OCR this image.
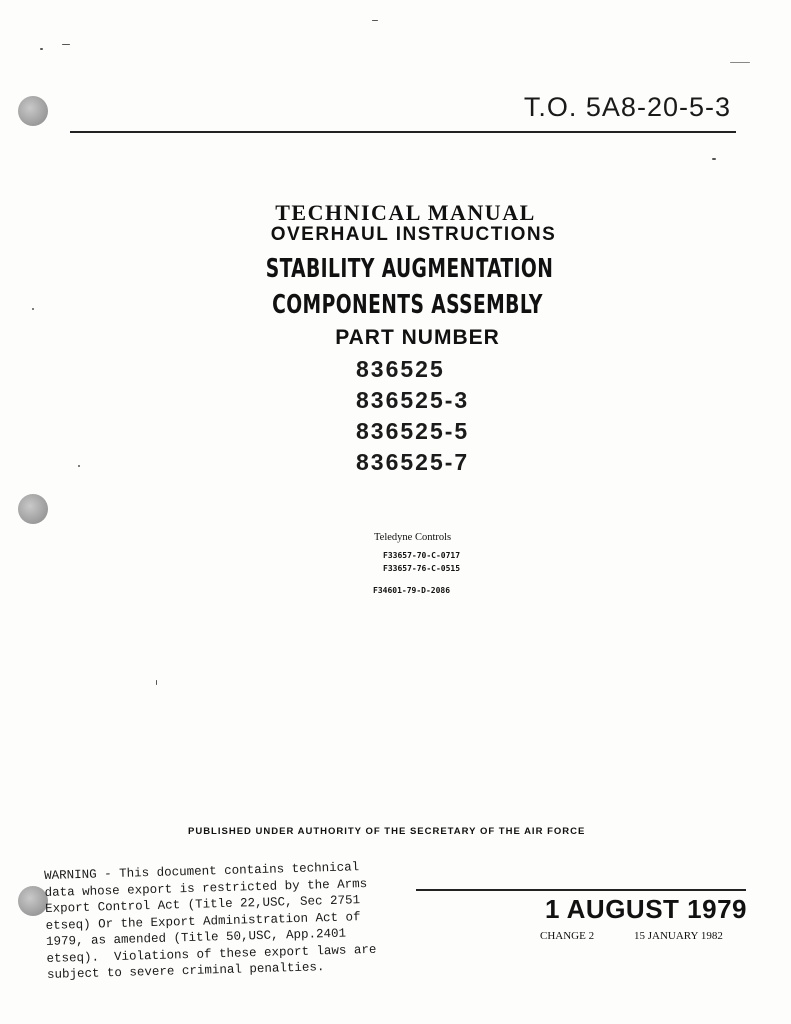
T.O. 5A8-20-5-3
TECHNICAL MANUAL
OVERHAUL INSTRUCTIONS
STABILITY AUGMENTATION
COMPONENTS ASSEMBLY
PART NUMBER
836525
836525-3
836525-5
836525-7
Teledyne Controls
F33657-70-C-0717
F33657-76-C-0515
F34601-79-D-2086
PUBLISHED UNDER AUTHORITY OF THE SECRETARY OF THE AIR FORCE
WARNING - This document contains technical
data whose export is restricted by the Arms
Export Control Act (Title 22,USC, Sec 2751
etseq) Or the Export Administration Act of
1979, as amended (Title 50,USC, App.2401
etseq).  Violations of these export laws are
subject to severe criminal penalties.
1 AUGUST 1979
CHANGE 2	15 JANUARY 1982
